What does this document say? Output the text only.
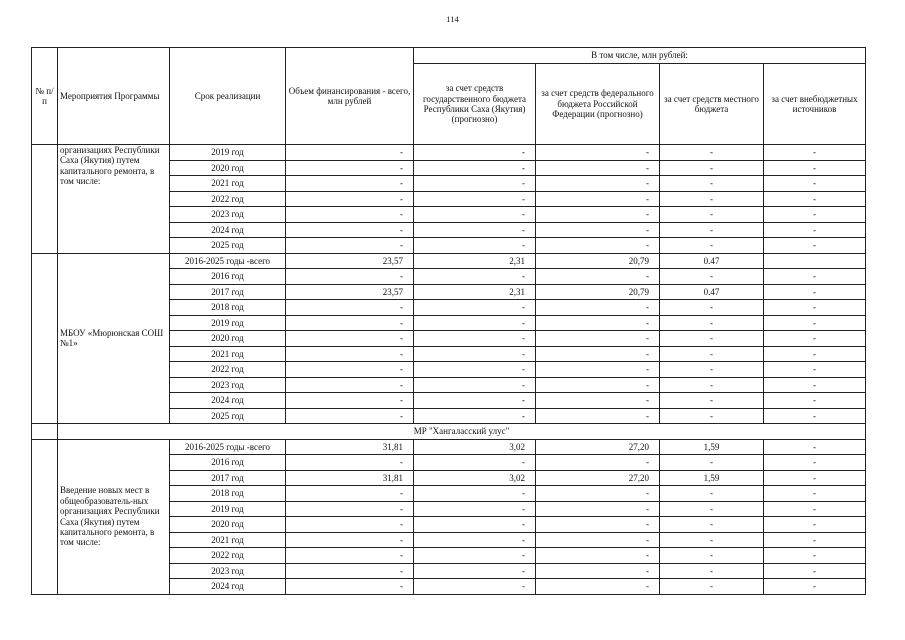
114
№ п/п	Мероприятия Программы	Срок реализации	Объем финансирования - всего, млн рублей	В том числе, млн рублей:			
				за счет средств государственного бюджета Республики Саха (Якутия) (прогнозно)	за счет средств федерального бюджета Российской Федерации (прогнозно)	за счет средств местного бюджета	за счет внебюджетных источников
	организациях Республики Саха (Якутия) путем капитального ремонта, в том числе:	2019 год	-	-	-	-	-
		2020 год	-	-	-	-	-
		2021 год	-	-	-	-	-
		2022 год	-	-	-	-	-
		2023 год	-	-	-	-	-
		2024 год	-	-	-	-	-
		2025 год	-	-	-	-	-
	МБОУ «Мюрюнская СОШ №1»	2016-2025 годы -всего	23,57	2,31	20,79	0.47	
		2016 год	-	-	-	-	-
		2017 год	23,57	2,31	20,79	0.47	-
		2018 год	-	-	-	-	-
		2019 год	-	-	-	-	-
		2020 год	-	-	-	-	-
		2021 год	-	-	-	-	-
		2022 год	-	-	-	-	-
		2023 год	-	-	-	-	-
		2024 год	-	-	-	-	-
		2025 год	-	-	-	-	-
	МР "Хангаласский улус"						
	Введение новых мест в общеобразователь-ных организациях Республики Саха (Якутия) путем капитального ремонта, в том числе:	2016-2025 годы -всего	31,81	3,02	27,20	1,59	-
		2016 год	-	-	-	-	-
		2017 год	31,81	3,02	27,20	1,59	-
		2018 год	-	-	-	-	-
		2019 год	-	-	-	-	-
		2020 год	-	-	-	-	-
		2021 год	-	-	-	-	-
		2022 год	-	-	-	-	-
		2023 год	-	-	-	-	-
		2024 год	-	-	-	-	-
